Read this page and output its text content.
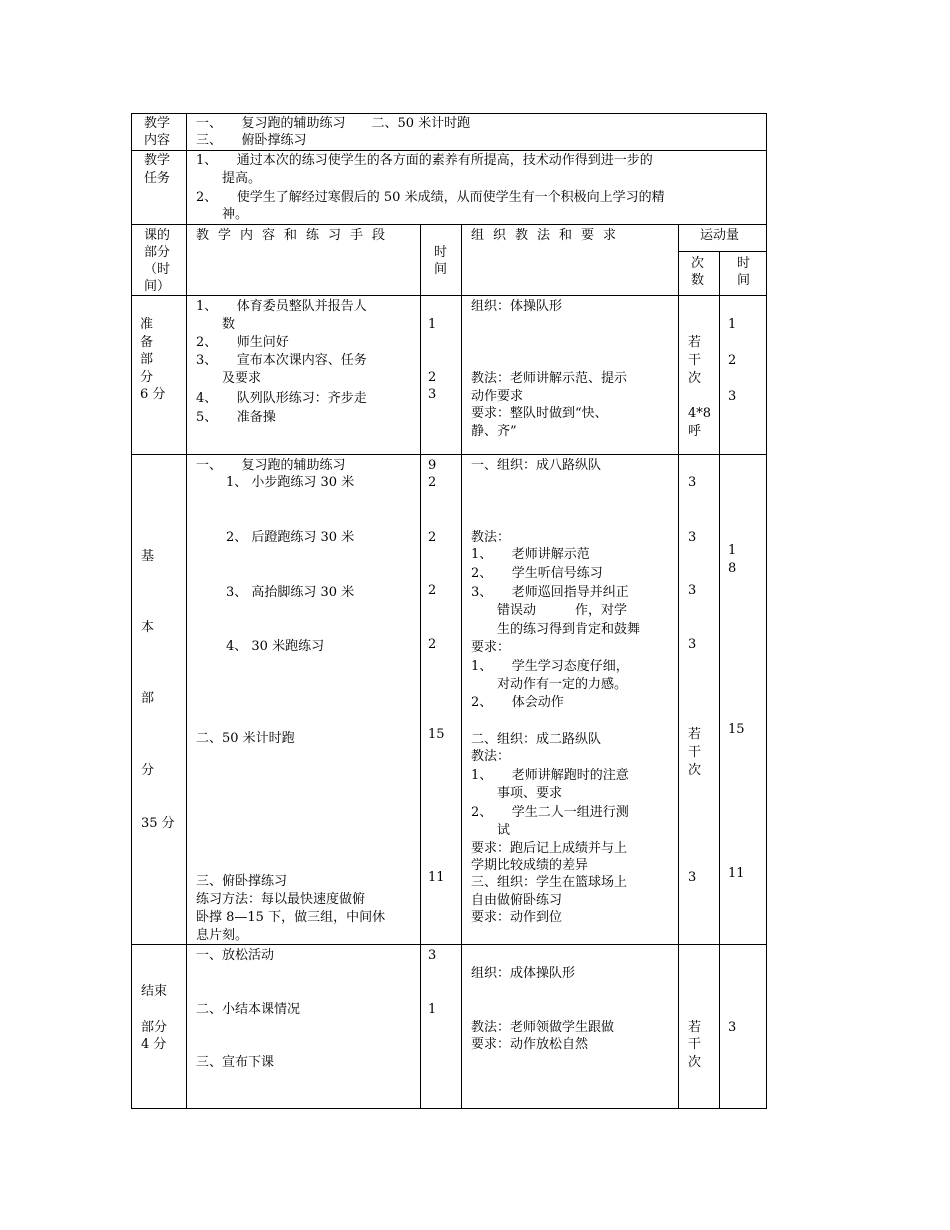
教学
内容
一、　　复习跑的辅助练习　　二、50 米计时跑
三、　　俯卧撑练习
教学
任务
1、　　通过本次的练习使学生的各方面的素养有所提高，技术动作得到进一步的
　　提高。
2、　　使学生了解经过寒假后的 50 米成绩，从而使学生有一个积极向上学习的精
　　神。
课的
部分
（时
间）
教学内容和练习手段
时
间
组织教法和要求	运动量
次
数
时
间
准
备
部
分
6 分
1、　　体育委员整队并报告人
　　数
2、　　师生问好
3、　　宣布本次课内容、任务
　　及要求
4、　　队列队形练习：齐步走
5、　　准备操
1
2
3
组织：体操队形
教法：老师讲解示范、提示
动作要求
要求：整队时做到“快、
静、齐”
若
干
次
4*8
呼
1
2
3
基
本
部
分
35 分
一、　　复习跑的辅助练习
1、 小步跑练习 30 米
2、 后蹬跑练习 30 米
3、 高抬脚练习 30 米
4、 30 米跑练习
二、50 米计时跑
三、俯卧撑练习
练习方法：每以最快速度做俯
卧撑 8—15 下，做三组，中间休
息片刻。
9
2
2
2
2
15
11
一、组织：成八路纵队
教法：
1、　　老师讲解示范
2、　　学生听信号练习
3、　　老师巡回指导并纠正
　　错误动　　　作，对学
　　生的练习得到肯定和鼓舞
要求：
1、　　学生学习态度仔细，
　　对动作有一定的力感。
2、　　体会动作
二、组织：成二路纵队
教法：
1、　　老师讲解跑时的注意
　　事项、要求
2、　　学生二人一组进行测
　　试
要求：跑后记上成绩并与上
学期比较成绩的差异
三、组织：学生在篮球场上
自由做俯卧练习
要求：动作到位
3
3
3
3
若
干
次
3
1
8
15
11
结束
部分
4 分
一、放松活动
二、小结本课情况
三、宣布下课
3
1
组织：成体操队形
教法：老师领做学生跟做
要求：动作放松自然
若
干
次
3
